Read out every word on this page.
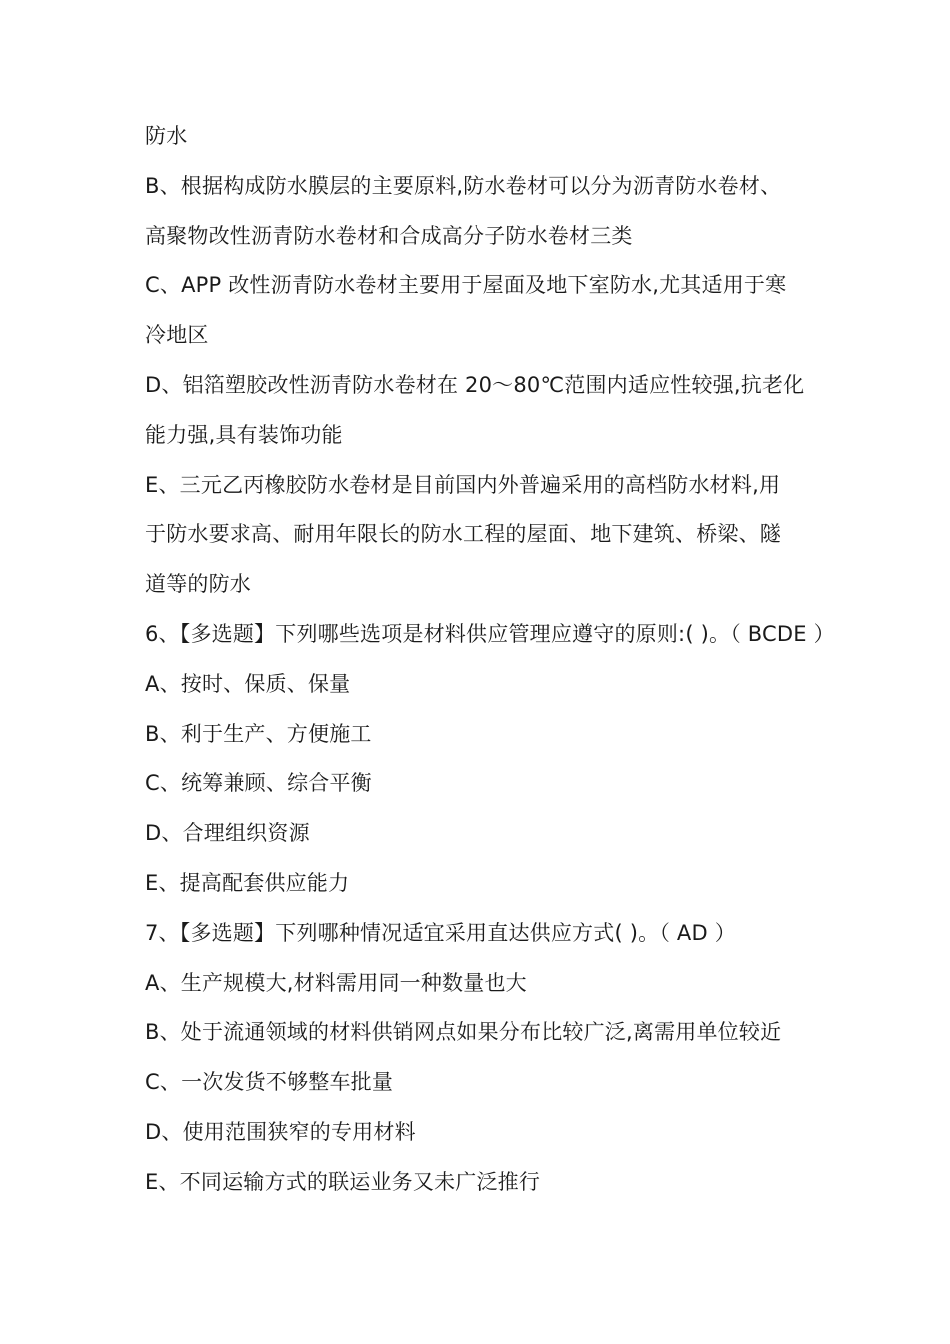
防水
B、根据构成防水膜层的主要原料,防水卷材可以分为沥青防水卷材、
高聚物改性沥青防水卷材和合成高分子防水卷材三类
C、APP 改性沥青防水卷材主要用于屋面及地下室防水,尤其适用于寒
冷地区
D、铝箔塑胶改性沥青防水卷材在 20～80℃范围内适应性较强,抗老化
能力强,具有装饰功能
E、三元乙丙橡胶防水卷材是目前国内外普遍采用的高档防水材料,用
于防水要求高、耐用年限长的防水工程的屋面、地下建筑、桥梁、隧
道等的防水
6、【多选题】下列哪些选项是材料供应管理应遵守的原则:( )。（ BCDE ）
A、按时、保质、保量
B、利于生产、方便施工
C、统筹兼顾、综合平衡
D、合理组织资源
E、提高配套供应能力
7、【多选题】下列哪种情况适宜采用直达供应方式( )。（ AD ）
A、生产规模大,材料需用同一种数量也大
B、处于流通领域的材料供销网点如果分布比较广泛,离需用单位较近
C、一次发货不够整车批量
D、使用范围狭窄的专用材料
E、不同运输方式的联运业务又未广泛推行
